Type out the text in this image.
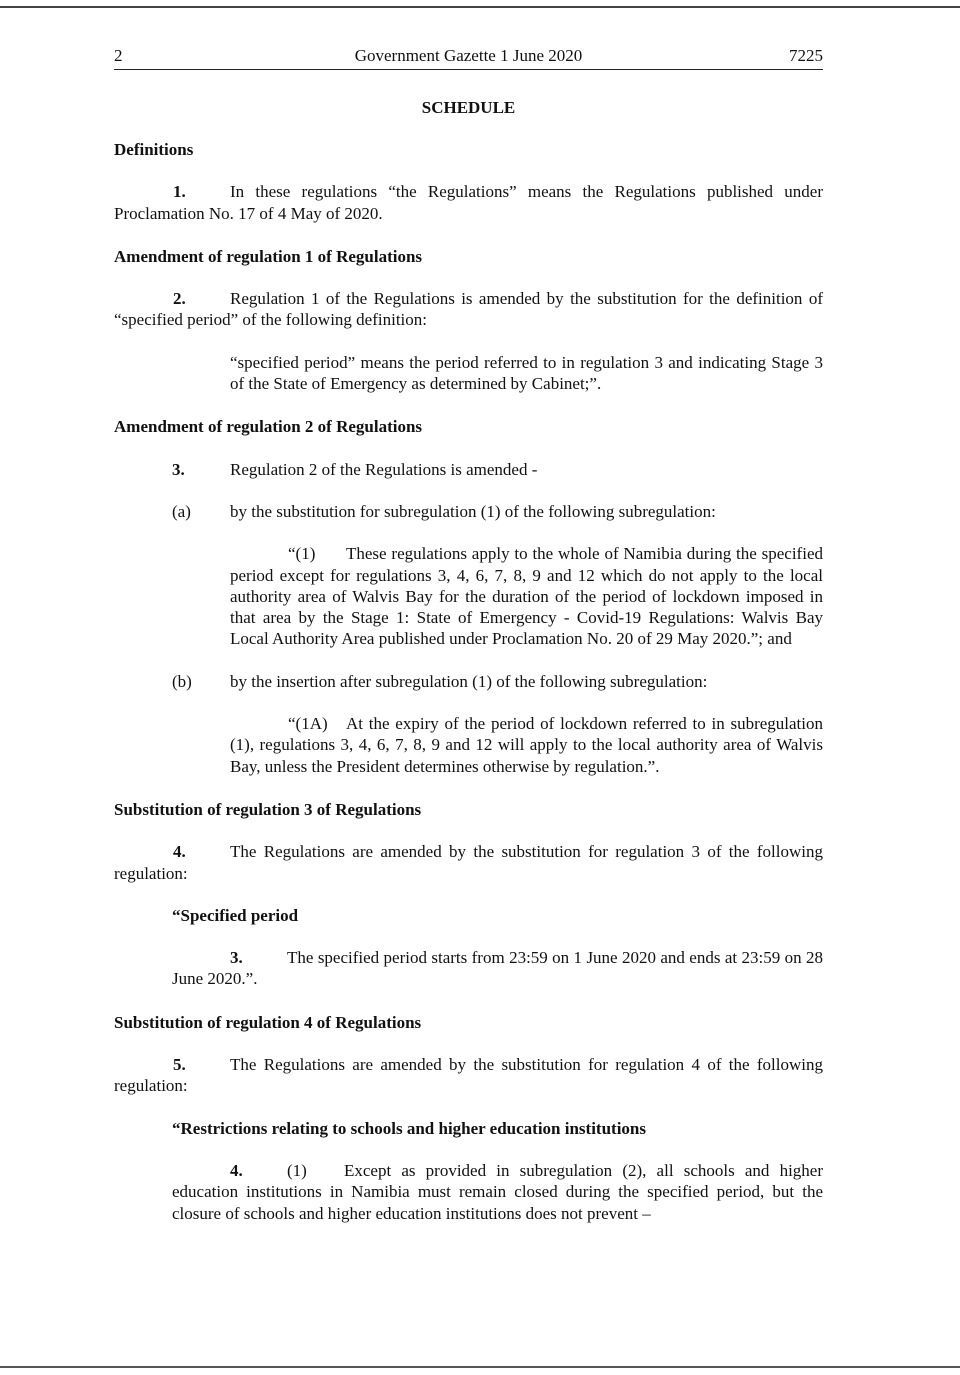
2	Government Gazette 1 June 2020	7225
SCHEDULE

Definitions

1.	In these regulations “the Regulations” means the Regulations published under Proclamation No. 17 of 4 May of 2020.

Amendment of regulation 1 of Regulations

2.	Regulation 1 of the Regulations is amended by the substitution for the definition of “specified period” of the following definition:

“specified period” means the period referred to in regulation 3 and indicating Stage 3 of the State of Emergency as determined by Cabinet;”.

Amendment of regulation 2 of Regulations

3.	Regulation 2 of the Regulations is amended -

(a) by the substitution for subregulation (1) of the following subregulation:

“(1) These regulations apply to the whole of Namibia during the specified period except for regulations 3, 4, 6, 7, 8, 9 and 12 which do not apply to the local authority area of Walvis Bay for the duration of the period of lockdown imposed in that area by the Stage 1: State of Emergency - Covid-19 Regulations: Walvis Bay Local Authority Area published under Proclamation No. 20 of 29 May 2020.”; and

(b) by the insertion after subregulation (1) of the following subregulation:

“(1A) At the expiry of the period of lockdown referred to in subregulation (1), regulations 3, 4, 6, 7, 8, 9 and 12 will apply to the local authority area of Walvis Bay, unless the President determines otherwise by regulation.”.

Substitution of regulation 3 of Regulations

4.	The Regulations are amended by the substitution for regulation 3 of the following regulation:

“Specified period

3.	The specified period starts from 23:59 on 1 June 2020 and ends at 23:59 on 28 June 2020.”.

Substitution of regulation 4 of Regulations

5.	The Regulations are amended by the substitution for regulation 4 of the following regulation:

“Restrictions relating to schools and higher education institutions

4.	(1) Except as provided in subregulation (2), all schools and higher education institutions in Namibia must remain closed during the specified period, but the closure of schools and higher education institutions does not prevent –
